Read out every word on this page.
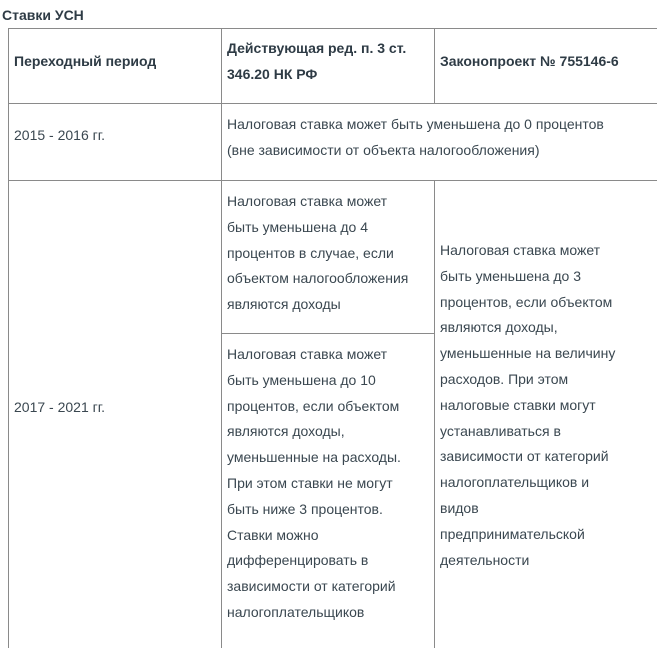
Ставки УСН
Переходный период
Действующая ред. п. 3 ст.
346.20 НК РФ
Законопроект № 755146-6
2015 - 2016 гг.
Налоговая ставка может быть уменьшена до 0 процентов
(вне зависимости от объекта налогообложения)
2017 - 2021 гг.
Налоговая ставка может
быть уменьшена до 4
процентов в случае, если
объектом налогообложения
являются доходы
Налоговая ставка может
быть уменьшена до 10
процентов, если объектом
являются доходы,
уменьшенные на расходы.
При этом ставки не могут
быть ниже 3 процентов.
Ставки можно
дифференцировать в
зависимости от категорий
налогоплательщиков
Налоговая ставка может
быть уменьшена до 3
процентов, если объектом
являются доходы,
уменьшенные на величину
расходов. При этом
налоговые ставки могут
устанавливаться в
зависимости от категорий
налогоплательщиков и
видов
предпринимательской
деятельности
